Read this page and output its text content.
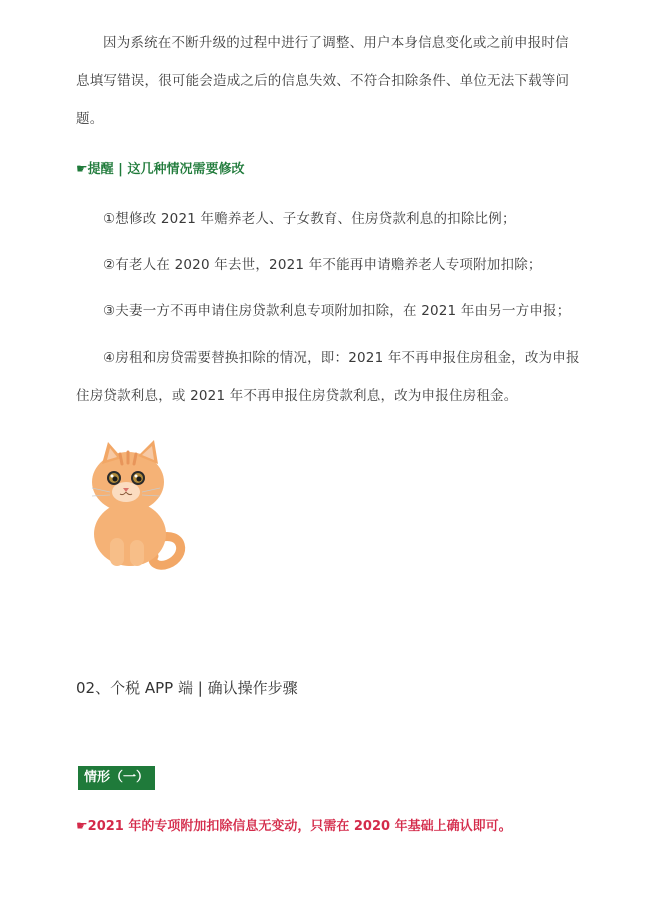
因为系统在不断升级的过程中进行了调整、用户本身信息变化或之前申报时信息填写错误，很可能会造成之后的信息失效、不符合扣除条件、单位无法下载等问题。

☛提醒 | 这几种情况需要修改

①想修改 2021 年赡养老人、子女教育、住房贷款利息的扣除比例；

②有老人在 2020 年去世，2021 年不能再申请赡养老人专项附加扣除；

③夫妻一方不再申请住房贷款利息专项附加扣除，在 2021 年由另一方申报；

④房租和房贷需要替换扣除的情况，即：2021 年不再申报住房租金，改为申报住房贷款利息，或 2021 年不再申报住房贷款利息，改为申报住房租金。

02、个税 APP 端 | 确认操作步骤
情形（一）
☛2021 年的专项附加扣除信息无变动，只需在 2020 年基础上确认即可。
